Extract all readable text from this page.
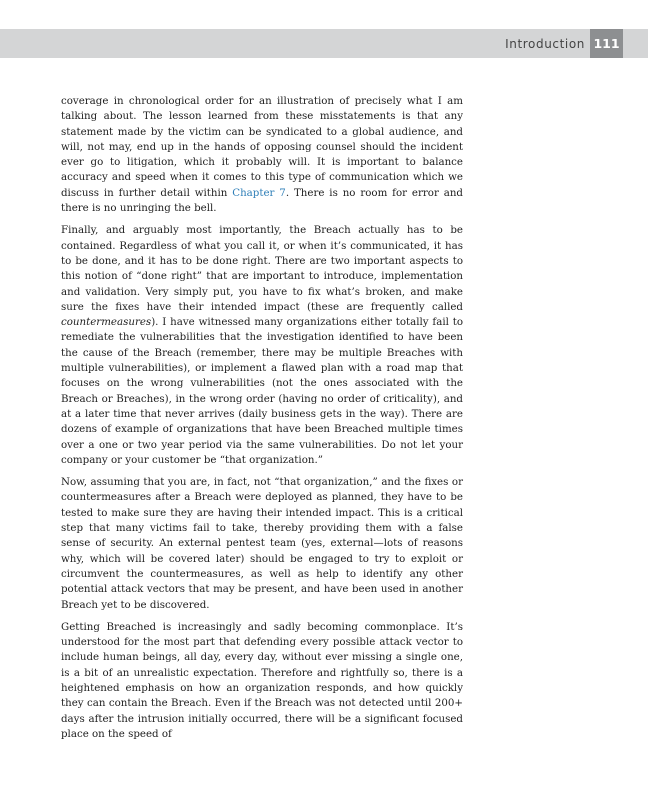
Introduction 111

coverage in chronological order for an illustration of precisely what I am talking about. The lesson learned from these misstatements is that any statement made by the victim can be syndicated to a global audience, and will, not may, end up in the hands of opposing counsel should the incident ever go to litigation, which it probably will. It is important to balance accuracy and speed when it comes to this type of communication which we discuss in further detail within Chapter 7. There is no room for error and there is no unringing the bell.

Finally, and arguably most importantly, the Breach actually has to be contained. Regardless of what you call it, or when it’s communicated, it has to be done, and it has to be done right. There are two important aspects to this notion of “done right” that are important to introduce, implementation and validation. Very simply put, you have to fix what’s broken, and make sure the fixes have their intended impact (these are frequently called countermeasures). I have witnessed many organizations either totally fail to remediate the vulnerabilities that the investigation identified to have been the cause of the Breach (remember, there may be multiple Breaches with multiple vulnerabilities), or implement a flawed plan with a road map that focuses on the wrong vulnerabilities (not the ones associated with the Breach or Breaches), in the wrong order (having no order of criticality), and at a later time that never arrives (daily business gets in the way). There are dozens of example of organizations that have been Breached multiple times over a one or two year period via the same vulnerabilities. Do not let your company or your customer be “that organization.”

Now, assuming that you are, in fact, not “that organization,” and the fixes or countermeasures after a Breach were deployed as planned, they have to be tested to make sure they are having their intended impact. This is a critical step that many victims fail to take, thereby providing them with a false sense of security. An external pentest team (yes, external—lots of reasons why, which will be covered later) should be engaged to try to exploit or circumvent the countermeasures, as well as help to identify any other potential attack vectors that may be present, and have been used in another Breach yet to be discovered.

Getting Breached is increasingly and sadly becoming commonplace. It’s understood for the most part that defending every possible attack vector to include human beings, all day, every day, without ever missing a single one, is a bit of an unrealistic expectation. Therefore and rightfully so, there is a heightened emphasis on how an organization responds, and how quickly they can contain the Breach. Even if the Breach was not detected until 200+ days after the intrusion initially occurred, there will be a significant focused place on the speed of
